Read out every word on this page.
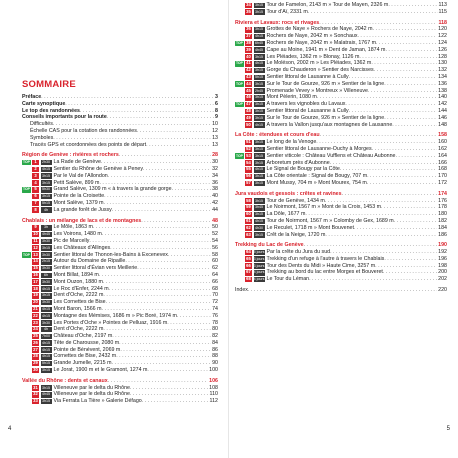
SOMMAIRE
Préface . . .	3
Carte synoptique . . .	6
Le top des randonnées . . .	8
Conseils importants pour la route . . .	9
Difficultés . . .	10
Échelle CAS pour la cotation des randonnées . . .	12
Symboles . . .	13
Tracés GPS et coordonnées des points de départ . . .	13
Région de Genève : rivières et rochers . . .	28
TOP	1	2h30 La Rade de Genève . . .	30
2	4h15 Sentier du Rhône de Genève à Peney . . .	32
3	3h15 Par le Val de l'Allondon . . .	34
4	3h15 Petit Salève, 899 m . . .	36
TOP	5	5h30 Grand Salève, 1309 m « à travers la grande gorge . . .	38
6	3h15 Pointe de la Croisette . . .	40
7	5h15 Mont Salève, 1379 m . . .	42
8	4h	La grande forêt de Jussy . . .	44
Chablais : un mélange de lacs et de montagnes . . .	48
9	3h	Le Môle, 1863 m . . .	50
10	4h45 Les Voirons, 1480 m . . .	52
11	3h30 Pic de Marcelly . . .	54
12	3h15 Les Châteaux d'Allinges . . .	56
TOP 13	3h30 Sentier littoral de Thonon-les-Bains à Excenevex . . .	58
14	2h15 Autour du Domaine de Ripaille . . .	60
15	3h30 Sentier littoral d'Évian vers Meillerie . . .	62
16	6h	Mont Billat, 1894 m . . .	64
17	3h30 Mont Ouzon, 1880 m . . .	66
18	4h15 Le Roc d'Enfer, 2244 m . . .	68
19	3h15 Dent d'Oche, 2222 m . . .	70
20	3h30 Les Cornettes de Bise . . .	72
21	4h15 Mont Baron, 1566 m . . .	74
22	4h15 Montagne des Mémises, 1686 m » Pic Boré, 1974 m . . .	76
23	3h30 Les Portes d'Oche » Pointes de Pelluaz, 1916 m . . .	78
24	4h	Dent d'Oche, 2222 m . . .	80
25	7h00 Château d'Oche, 2197 m . . .	82
26	4h15 Tête de Charousse, 2080 m . . .	84
27	4h15 Pointe de Bénévent, 2069 m . . .	86
28	4h15 Cornettes de Bise, 2432 m . . .	88
29	5h15 Grande Jumelle, 2215 m . . .	90
30	3h15 Le Jorat, 1900 m et le Gramont, 1274 m . . .	100
Vallée du Rhône : dents et canaux . . .	106
31	3h15 Villeneuve par le delta du Rhône . . .	108
32	4h45 Villeneuve par le delta du Rhône . . .	110
33	3h15 Via Ferrata La Tière » Galerie Défago . . .	112
4
34	3h15 Tour de Famelon, 2143 m » Tour de Mayen, 2326 m . . .	113
35	3h15 Tour d'Aï, 2331 m . . .	115
Riviera et Lavaux: rocs et rivages . . .	118
36	3h15 Grottes de Naye » Rochers de Naye, 2042 m . . .	120
37	4h15 Rochers de Naye, 2042 m » Sonchaux . . .	122
TOP 38	6h45 Rochers de Naye, 2042 m » Malatraix, 1767 m . . .	124
39	4h45 Cape au Moine, 1941 m » Dent de Jaman, 1874 m . . .	126
40	3h15 Les Pléiades, 1362 m » Blonay, 1126 m . . .	128
TOP 41	4h15 Le Moléson, 2002 m » Les Pléiades, 1362 m . . .	130
42	3h15 Gorge du Chauderon » Sentier des Narcisses . . .	132
43	5h15 Sentier littoral de Lausanne à Cully . . .	134
TOP 44	3h15 Sur le Tour de Gourze, 926 m » Sentier de la ligne . . .	136
45	2h45 Promenade Vevey » Montreux » Villeneuve . . .	138
46	3h15 Mont Pèlerin, 1080 m . . .	140
TOP 47	3h15 A travers les vignobles du Lavaux . . .	142
48	3h15 Sentier littoral de Lausanne à Cully . . .	144
49	3h15 Sur le Tour de Gourze, 926 m » Sentier de la ligne . . .	146
50	4h15 A travers la Vallon jusqu'aux montagnes de Lausanne . . .	148
La Côte : étendues et cours d'eau . . .	158
51	3h15 Le long de la Venoge . . .	160
52	3h15 Sentier littoral de Lausanne-Ouchy à Morges . . .	162
TOP 53	3h15 Sentier viticole : Château Vufflens et Château Aubonne . . .	164
54	3h15 Arboretum près d'Aubonne . . .	166
55	4h15 Le Signal de Bougy par la Côte . . .	168
56	3h15 La Côte orientale : Signal de Bougy, 707 m . . .	170
57	3h15 Mont Mussy, 704 m » Mont Mourex, 754 m . . .	172
Jura vaudois et gessois : crêtes et ravines . . .	174
58	3h15 Tour de Genève, 1434 m . . .	176
59	3h45 Le Noirmont, 1567 m » Mont de la Croix, 1453 m . . .	178
60	3h15 La Dôle, 1677 m . . .	180
61	4h15 Tour de Noirmont, 1567 m » Colomby de Gex, 1689 m . . .	182
62	4h30 Le Reculet, 1718 m » Mont Bouvenet . . .	184
63	3h15 Crêt de la Neige, 1720 m . . .	186
Trekking du Lac de Genève . . .	190
64 5 jours Par la crête du Jura du sud . . .	192
65 3 jours Trekking d'un refuge à l'autre à travers le Chablais . . .	196
66 3 jours Tour des Dents du Midi » Haute Cime, 3257 m . . .	198
67 4 jours Trekking au bord du lac entre Morges et Bouveret . . .	200
68 4 jours Le Tour du Léman . . .	202
Index . . .	220
5
